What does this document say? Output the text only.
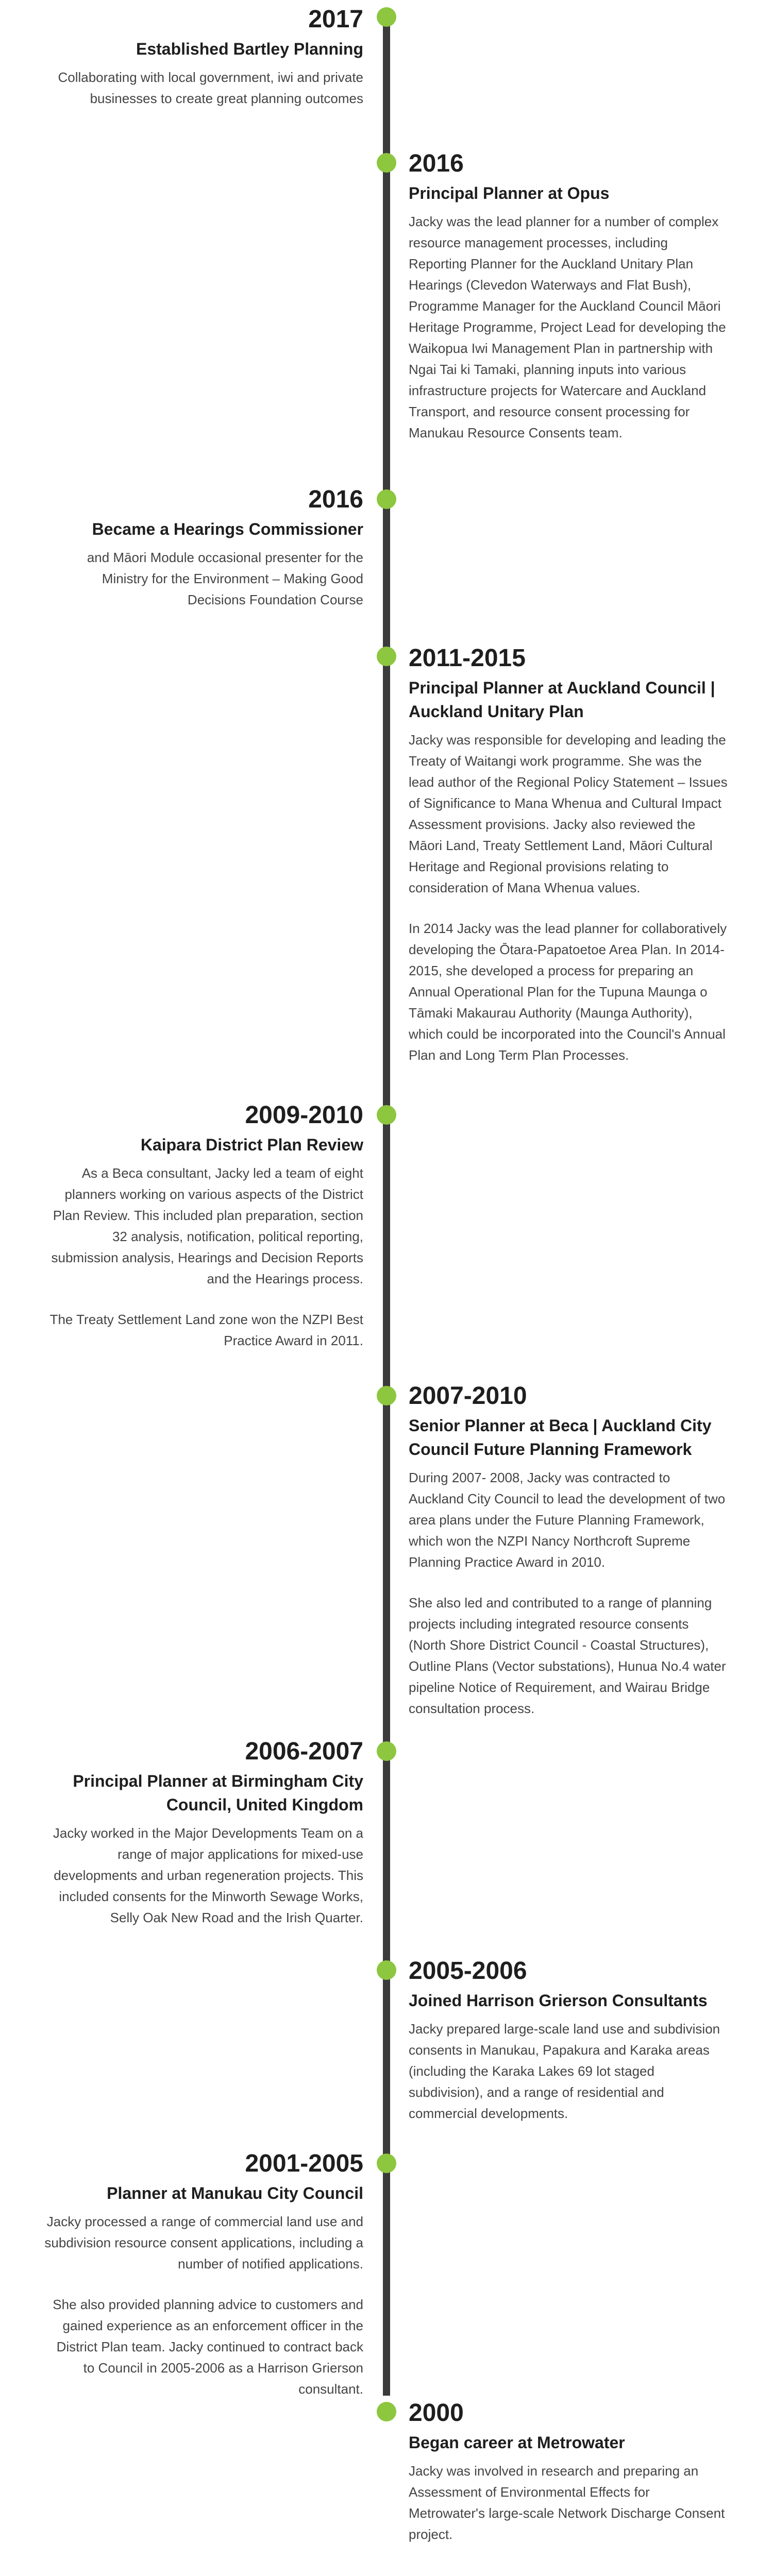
2017
Established Bartley Planning

Collaborating with local government, iwi and private businesses to create great planning outcomes

2016
Principal Planner at Opus

Jacky was the lead planner for a number of complex resource management processes, including Reporting Planner for the Auckland Unitary Plan Hearings (Clevedon Waterways and Flat Bush), Programme Manager for the Auckland Council Māori Heritage Programme, Project Lead for developing the Waikopua Iwi Management Plan in partnership with Ngai Tai ki Tamaki, planning inputs into various infrastructure projects for Watercare and Auckland Transport, and resource consent processing for Manukau Resource Consents team.

2016
Became a Hearings Commissioner

and Māori Module occasional presenter for the Ministry for the Environment – Making Good Decisions Foundation Course

2011-2015
Principal Planner at Auckland Council | Auckland Unitary Plan

Jacky was responsible for developing and leading the Treaty of Waitangi work programme. She was the lead author of the Regional Policy Statement – Issues of Significance to Mana Whenua and Cultural Impact Assessment provisions. Jacky also reviewed the Māori Land, Treaty Settlement Land, Māori Cultural Heritage and Regional provisions relating to consideration of Mana Whenua values.

In 2014 Jacky was the lead planner for collaboratively developing the Ōtara-Papatoetoe Area Plan. In 2014-2015, she developed a process for preparing an Annual Operational Plan for the Tupuna Maunga o Tāmaki Makaurau Authority (Maunga Authority), which could be incorporated into the Council's Annual Plan and Long Term Plan Processes.

2009-2010
Kaipara District Plan Review

As a Beca consultant, Jacky led a team of eight planners working on various aspects of the District Plan Review. This included plan preparation, section 32 analysis, notification, political reporting, submission analysis, Hearings and Decision Reports and the Hearings process.

The Treaty Settlement Land zone won the NZPI Best Practice Award in 2011.

2007-2010
Senior Planner at Beca | Auckland City Council Future Planning Framework

During 2007- 2008, Jacky was contracted to Auckland City Council to lead the development of two area plans under the Future Planning Framework, which won the NZPI Nancy Northcroft Supreme Planning Practice Award in 2010.

She also led and contributed to a range of planning projects including integrated resource consents (North Shore District Council - Coastal Structures), Outline Plans (Vector substations), Hunua No.4 water pipeline Notice of Requirement, and Wairau Bridge consultation process.

2006-2007
Principal Planner at Birmingham City Council, United Kingdom

Jacky worked in the Major Developments Team on a range of major applications for mixed-use developments and urban regeneration projects. This included consents for the Minworth Sewage Works, Selly Oak New Road and the Irish Quarter.

2005-2006
Joined Harrison Grierson Consultants

Jacky prepared large-scale land use and subdivision consents in Manukau, Papakura and Karaka areas (including the Karaka Lakes 69 lot staged subdivision), and a range of residential and commercial developments.

2001-2005
Planner at Manukau City Council

Jacky processed a range of commercial land use and subdivision resource consent applications, including a number of notified applications.

She also provided planning advice to customers and gained experience as an enforcement officer in the District Plan team. Jacky continued to contract back to Council in 2005-2006 as a Harrison Grierson consultant.

2000
Began career at Metrowater

Jacky was involved in research and preparing an Assessment of Environmental Effects for Metrowater's large-scale Network Discharge Consent project.
